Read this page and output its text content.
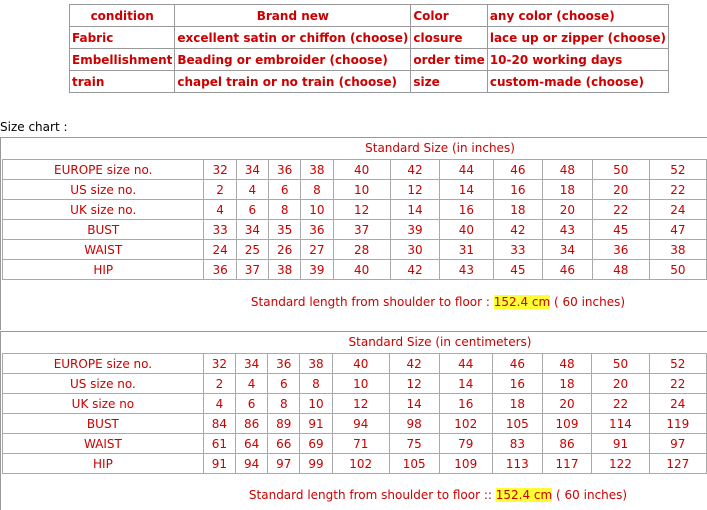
condition	Brand new	Color	any color (choose)
Fabric	excellent satin or chiffon (choose)	closure	lace up or zipper (choose)
Embellishment	Beading or embroider (choose)	order time	10-20 working days
train	chapel train or no train (choose)	size	custom-made (choose)
Size chart :
Standard Size (in inches)
EUROPE size no.	32	34	36	38	40	42	44	46	48	50	52
US size no.	2	4	6	8	10	12	14	16	18	20	22
UK size no.	4	6	8	10	12	14	16	18	20	22	24
BUST	33	34	35	36	37	39	40	42	43	45	47
WAIST	24	25	26	27	28	30	31	33	34	36	38
HIP	36	37	38	39	40	42	43	45	46	48	50
Standard length from shoulder to floor : 152.4 cm ( 60 inches)
Standard Size (in centimeters)
EUROPE size no.	32	34	36	38	40	42	44	46	48	50	52
US size no.	2	4	6	8	10	12	14	16	18	20	22
UK size no	4	6	8	10	12	14	16	18	20	22	24
BUST	84	86	89	91	94	98	102	105	109	114	119
WAIST	61	64	66	69	71	75	79	83	86	91	97
HIP	91	94	97	99	102	105	109	113	117	122	127
Standard length from shoulder to floor :: 152.4 cm ( 60 inches)
